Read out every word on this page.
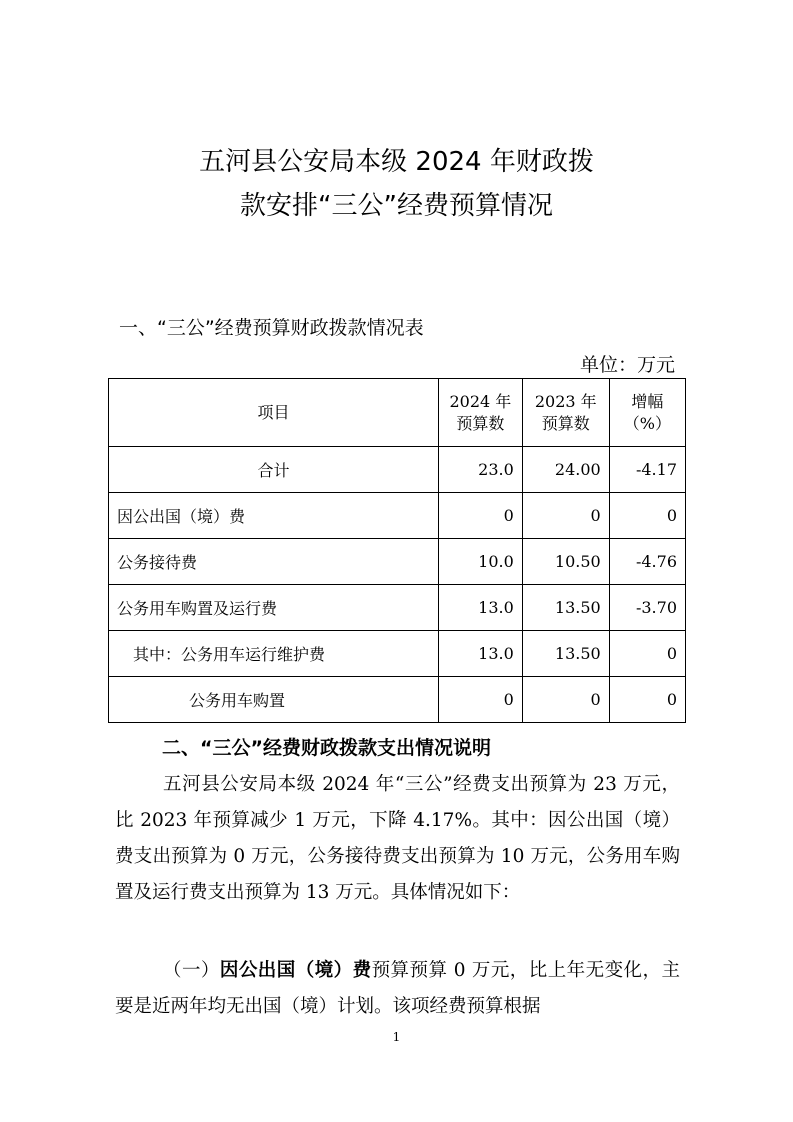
五河县公安局本级 2024 年财政拨
款安排“三公”经费预算情况
一、“三公”经费预算财政拨款情况表
单位：万元
项目	2024 年预算数	2023 年预算数	增幅（%）
合计	23.0	24.00	-4.17
因公出国（境）费	0	0	0
公务接待费	10.0	10.50	-4.76
公务用车购置及运行费	13.0	13.50	-3.70
其中：公务用车运行维护费	13.0	13.50	0
公务用车购置	0	0	0
二、“三公”经费财政拨款支出情况说明
五河县公安局本级 2024 年“三公”经费支出预算为 23 万元，比 2023 年预算减少 1 万元，下降 4.17%。其中：因公出国（境）费支出预算为 0 万元，公务接待费支出预算为 10 万元，公务用车购置及运行费支出预算为 13 万元。具体情况如下：
（一）因公出国（境）费预算预算 0 万元，比上年无变化，主要是近两年均无出国（境）计划。该项经费预算根据
1
